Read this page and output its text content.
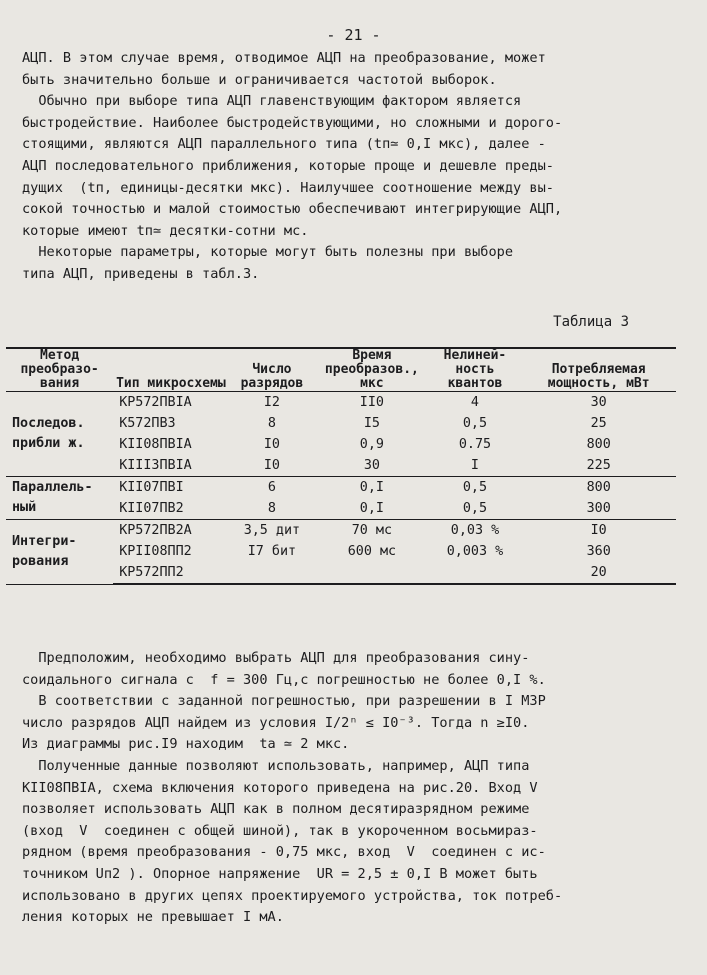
- 21 -

АЦП. В этом случае время, отводимое АЦП на преобразование, может
быть значительно больше и ограничивается частотой выборок.
Обычно при выборе типа АЦП главенствующим фактором является
быстродействие. Наиболее быстродействующими, но сложными и дорого-
стоящими, являются АЦП параллельного типа (tп≃ 0,I мкс), далее -
АЦП последовательного приближения, которые проще и дешевле преды-
дущих  (tп, единицы-десятки мкс). Наилучшее соотношение между вы-
сокой точностью и малой стоимостью обеспечивают интегрирующие АЦП,
которые имеют tп≃ десятки-сотни мс.
Некоторые параметры, которые могут быть полезны при выборе
типа АЦП, приведены в табл.3.

Таблица 3
Метод преобразо- вания	Тип микросхемы	Число разрядов	Время преобразов., мкс	Нелиней- ность квантов	Потребляемая мощность, мВт
Последов. прибли ж.	КР572ПВIА	I2	II0	4	30
	К572ПВ3	8	I5	0,5	25
	КII08ПВIА	I0	0,9	0.75	800
	КIII3ПВIА	I0	30	I	225
Параллель- ный	КII07ПВI	6	0,I	0,5	800
	КII07ПВ2	8	0,I	0,5	300
Интегри- рования	КР572ПВ2А	3,5 дит	70 мс	0,03 %	I0
	КРII08ПП2	I7 бит	600 мс	0,003 %	360
	КР572ПП2				20

Предположим, необходимо выбрать АЦП для преобразования сину-
соидального сигнала с  f = 300 Гц,с погрешностью не более 0,I %.
В соответствии с заданной погрешностью, при разрешении в I МЗР
число разрядов АЦП найдем из условия I/2ⁿ ≤ I0⁻³. Тогда n ≥I0.
Из диаграммы рис.I9 находим  tа ≃ 2 мкс.
Полученные данные позволяют использовать, например, АЦП типа
КII08ПВIА, схема включения которого приведена на рис.20. Вход V
позволяет использовать АЦП как в полном десятиразрядном режиме
(вход  V  соединен с общей шиной), так в укороченном восьмираз-
рядном (время преобразования - 0,75 мкс, вход  V  соединен с ис-
точником Uп2 ). Опорное напряжение  UR = 2,5 ± 0,I В может быть
использовано в других цепях проектируемого устройства, ток потреб-
ления которых не превышает I мА.
